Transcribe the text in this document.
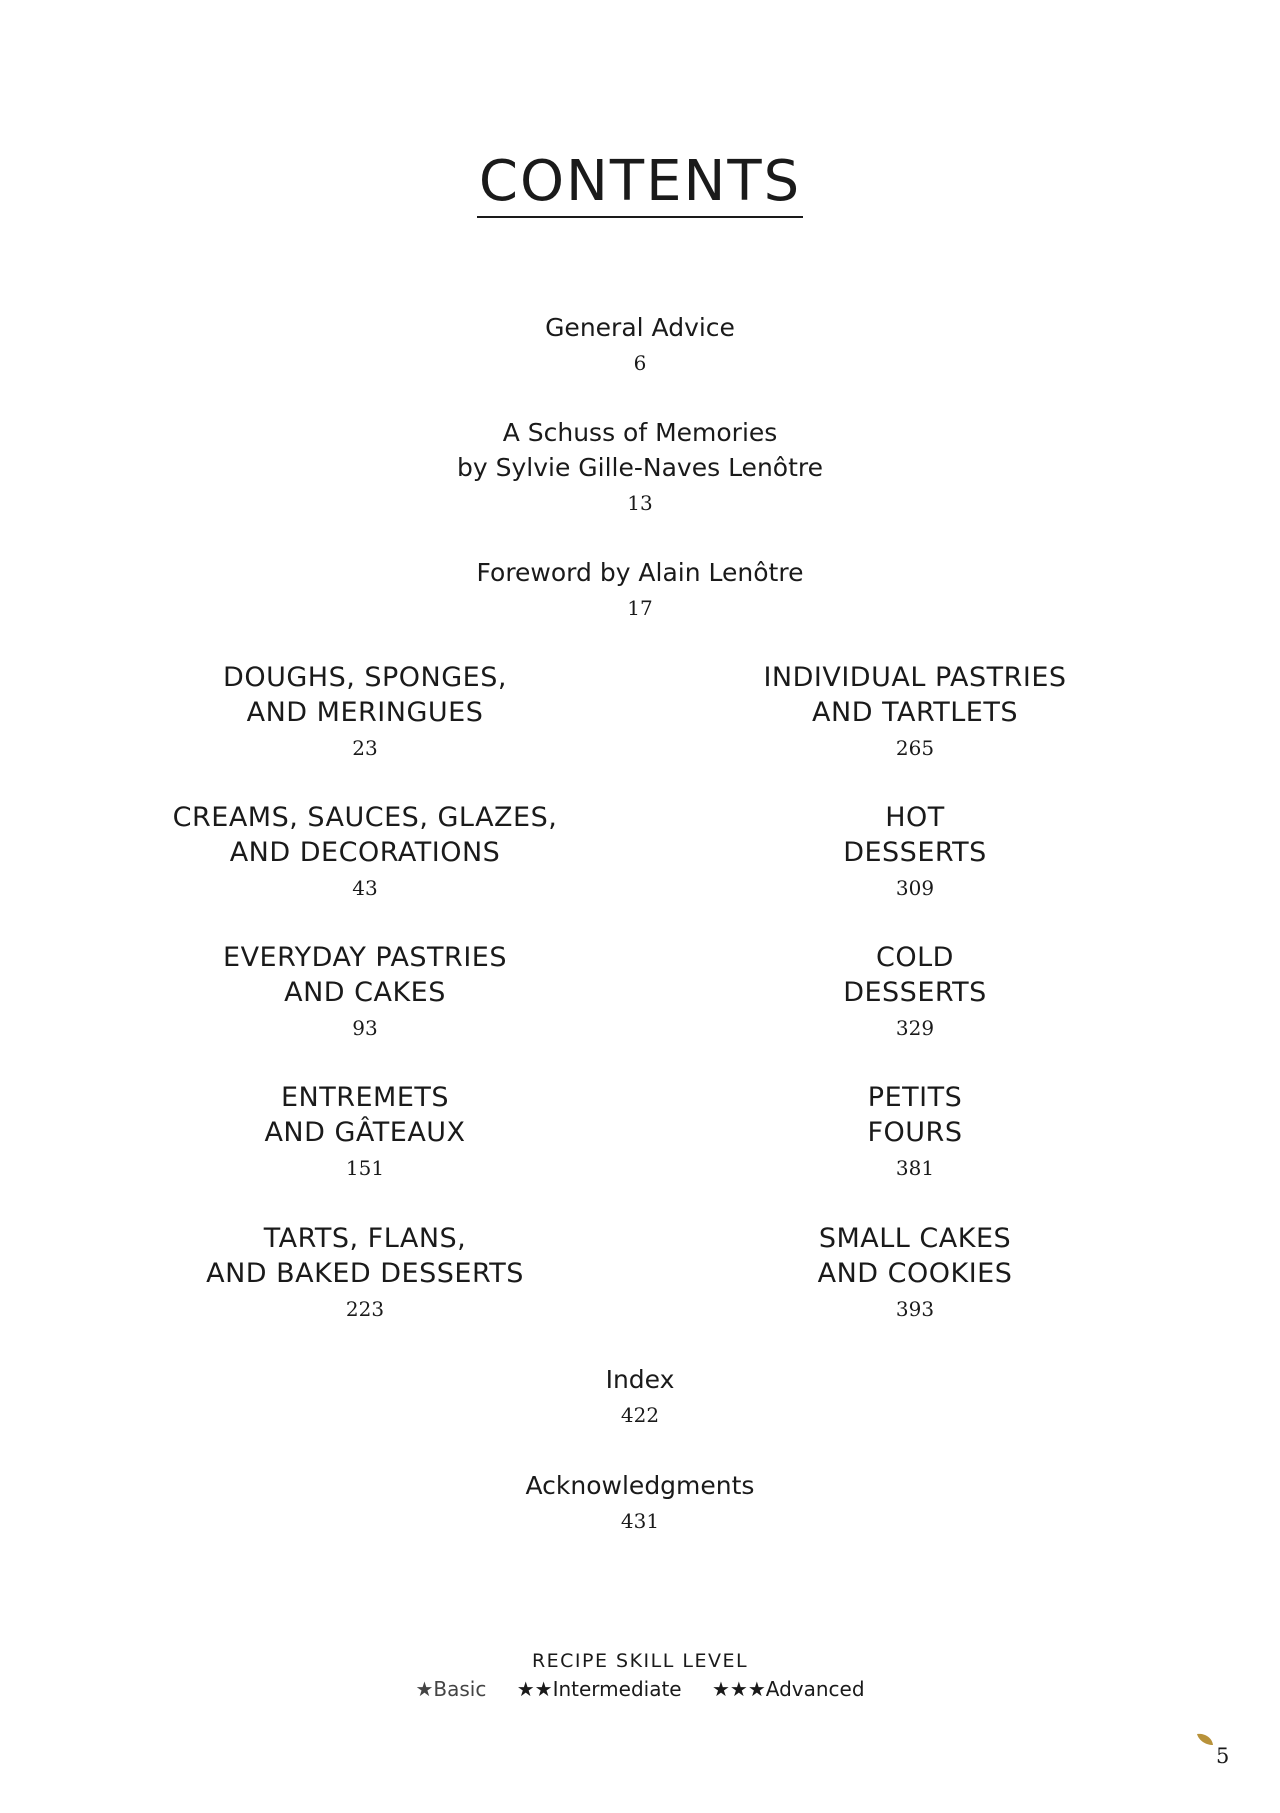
CONTENTS
General Advice
6
A Schuss of Memories
by Sylvie Gille-Naves Lenôtre
13
Foreword by Alain Lenôtre
17
DOUGHS, SPONGES,
AND MERINGUES
23
CREAMS, SAUCES, GLAZES,
AND DECORATIONS
43
EVERYDAY PASTRIES
AND CAKES
93
ENTREMETS
AND GÂTEAUX
151
TARTS, FLANS,
AND BAKED DESSERTS
223
INDIVIDUAL PASTRIES
AND TARTLETS
265
HOT
DESSERTS
309
COLD
DESSERTS
329
PETITS
FOURS
381
SMALL CAKES
AND COOKIES
393
Index
422
Acknowledgments
431
RECIPE SKILL LEVEL
★Basic ★★Intermediate ★★★Advanced
5
